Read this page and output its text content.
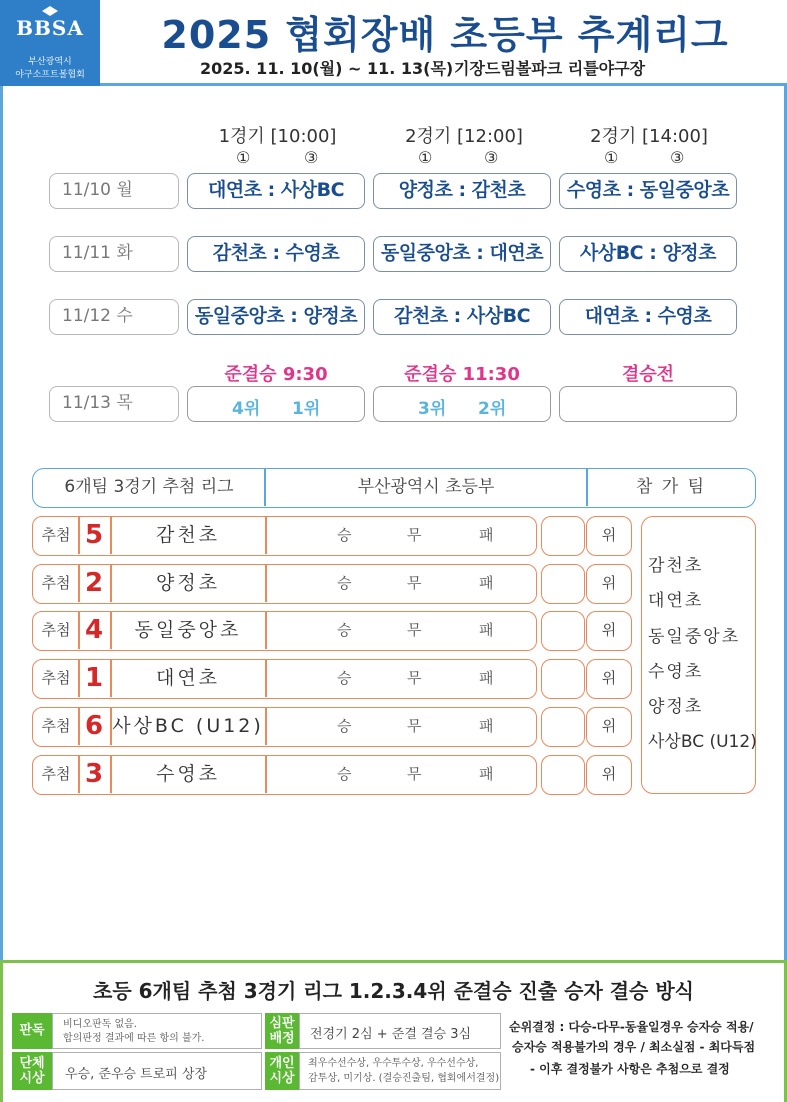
BBSA
부산광역시
야구소프트볼협회
2025 협회장배 초등부 추계리그
2025. 11. 10(월) ~ 11. 13(목) 기장드림볼파크 리틀야구장
1경기 [10:00]
①	③
2경기 [12:00]
①	③
2경기 [14:00]
①	③
11/10 월	대연초 : 사상BC	양정초 : 감천초	수영초 : 동일중앙초
11/11 화	감천초 : 수영초	동일중앙초 : 대연초	사상BC : 양정초
11/12 수	동일중앙초 : 양정초	감천초 : 사상BC	대연초 : 수영초
준결승 9:30	준결승 11:30	결승전
11/13 목	4위 1위	3위 2위
6개팀 3경기 추첨 리그	부산광역시 초등부	참 가 팀
추첨 5	감천초	승	무	패	위
추첨 2	양정초	승	무	패	위
추첨 4	동일중앙초	승	무	패	위
추첨 1	대연초	승	무	패	위
추첨 6 사상BC (U12)	승	무	패	위
추첨 3	수영초	승	무	패	위
감천초
대연초
동일중앙초
수영초
양정초
사상BC (U12)
초등 6개팀 추첨 3경기 리그 1.2.3.4위 준결승 진출 승자 결승 방식
판독	비디오판독 없음.
합의판정 결과에 따른 항의 불가.
심판
배정	전경기 2심 + 준결 결승 3심
단체
시상	우승, 준우승 트로피 상장
개인
시상
최우수선수상, 우수투수상, 우수선수상,
감투상, 미기상. (결승진출팀, 협회에서결정)
순위결정 : 다승-다무-동율일경우 승자승 적용/
승자승 적용불가의 경우 / 최소실점 - 최다득점
- 이후 결정불가 사항은 추첨으로 결정
